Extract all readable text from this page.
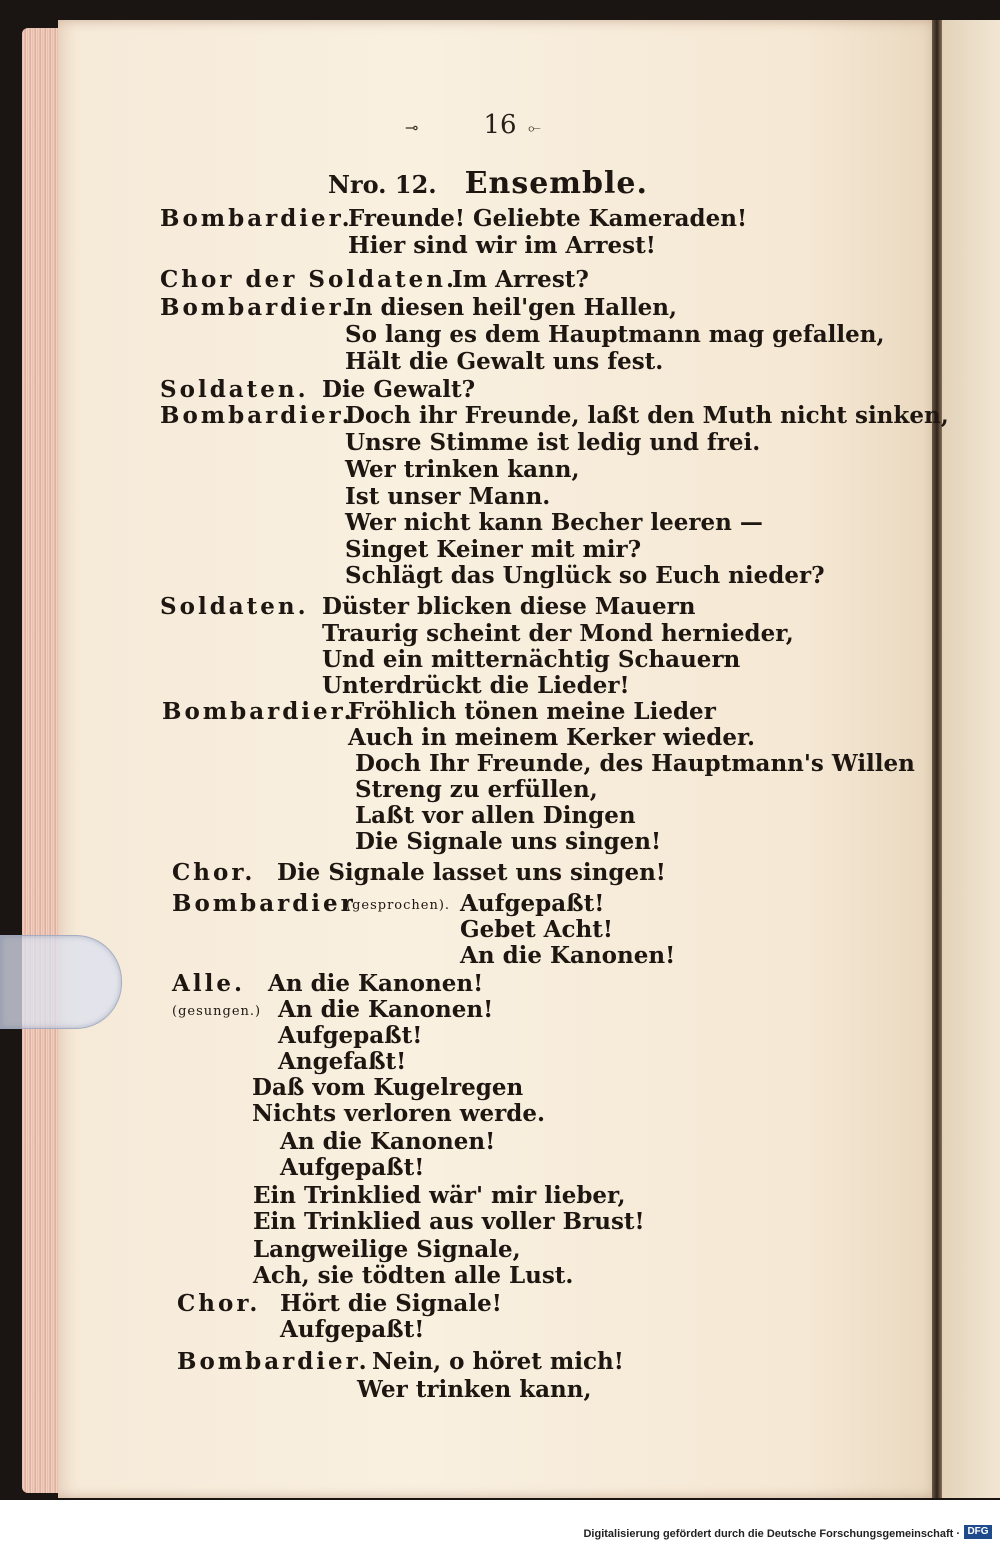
⊸	16 ⟜
Nro. 12. Ensemble.
Bombardier.
Freunde! Geliebte Kameraden!
Hier sind wir im Arrest!
Chor der Soldaten.
Im Arrest?
Bombardier.
In diesen heil'gen Hallen,
So lang es dem Hauptmann mag gefallen,
Hält die Gewalt uns fest.
Soldaten. Die Gewalt?
Bombardier.
Doch ihr Freunde, laßt den Muth nicht sinken,
Unsre Stimme ist ledig und frei.
Wer trinken kann,
Ist unser Mann.
Wer nicht kann Becher leeren —
Singet Keiner mit mir?
Schlägt das Unglück so Euch nieder?
Soldaten. Düster blicken diese Mauern
Traurig scheint der Mond hernieder,
Und ein mitternächtig Schauern
Unterdrückt die Lieder!
Bombardier.
Fröhlich tönen meine Lieder
Auch in meinem Kerker wieder.
Doch Ihr Freunde, des Hauptmann's Willen
Streng zu erfüllen,
Laßt vor allen Dingen
Die Signale uns singen!
Chor. Die Signale lasset uns singen!
Bombardier
(gesprochen). Aufgepaßt!
Gebet Acht!
An die Kanonen!
Alle. An die Kanonen!
(gesungen.) An die Kanonen!
Aufgepaßt!
Angefaßt!
Daß vom Kugelregen
Nichts verloren werde.
An die Kanonen!
Aufgepaßt!
Ein Trinklied wär' mir lieber,
Ein Trinklied aus voller Brust!
Langweilige Signale,
Ach, sie tödten alle Lust.
Chor. Hört die Signale!
Aufgepaßt!
Bombardier. Nein, o höret mich!
Wer trinken kann,
Digitalisierung gefördert durch die Deutsche Forschungsgemeinschaft · DFG
